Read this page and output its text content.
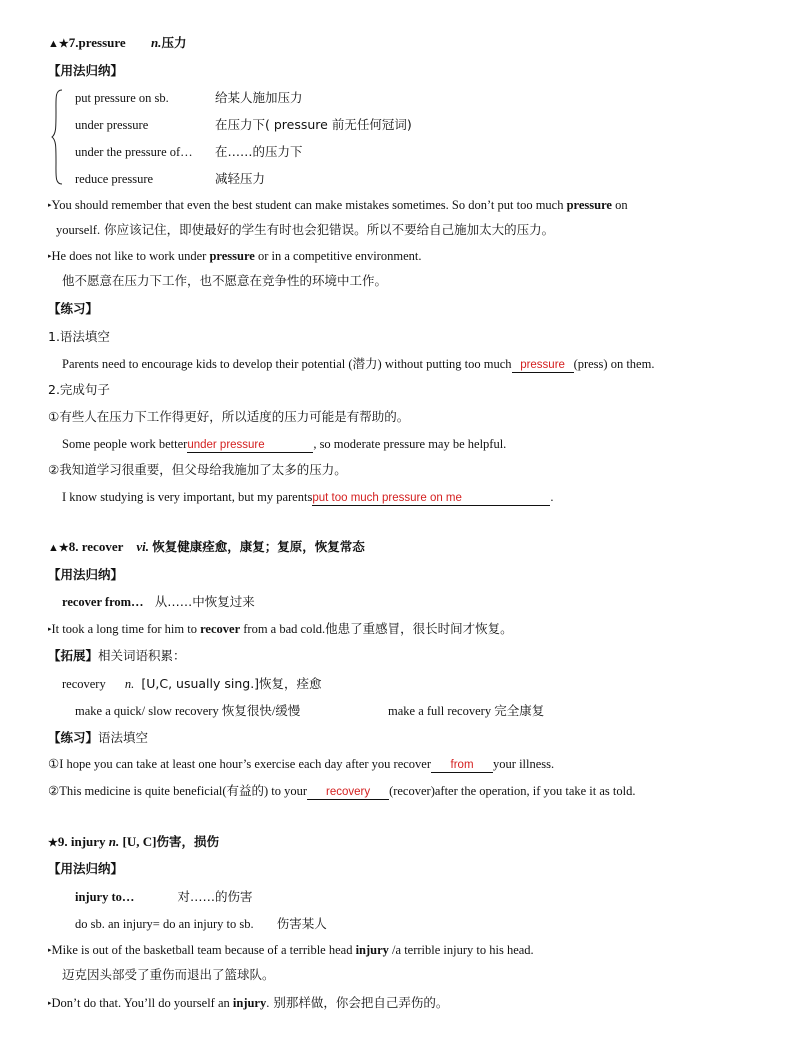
▲★7.pressure n.压力
【用法归纳】
put pressure on sb.	给某人施加压力
under pressure	在压力下( pressure 前无任何冠词)
under the pressure of… 在……的压力下
reduce pressure	减轻压力
▸You should remember that even the best student can make mistakes sometimes. So don’t put too much pressure on
yourself. 你应该记住，即使最好的学生有时也会犯错误。所以不要给自己施加太大的压力。
▸He does not like to work under pressure or in a competitive environment.
他不愿意在压力下工作，也不愿意在竞争性的环境中工作。
【练习】
1.语法填空
Parents need to encourage kids to develop their potential (潜力) without putting too much pressure (press) on them.
2.完成句子
①有些人在压力下工作得更好，所以适度的压力可能是有帮助的。
Some people work betterunder pressure	, so moderate pressure may be helpful.
②我知道学习很重要，但父母给我施加了太多的压力。
I know studying is very important, but my parentsput too much pressure on me	.
▲★8. recover vi. 恢复健康痊愈，康复；复原，恢复常态
【用法归纳】
recover from… 从……中恢复过来
▸It took a long time for him to recover from a bad cold.他患了重感冒，很长时间才恢复。
【拓展】相关词语积累：
recovery n. [U,C, usually sing.]恢复，痊愈
make a quick/ slow recovery 恢复很快/缓慢	make a full recovery 完全康复
【练习】语法填空
①I hope you can take at least one hour’s exercise each day after you recover from your illness.
②This medicine is quite beneficial(有益的) to your recovery (recover)after the operation, if you take it as told.
★9. injury n. [U, C]伤害，损伤
【用法归纳】
injury to…	对……的伤害
do sb. an injury= do an injury to sb. 伤害某人
▸Mike is out of the basketball team because of a terrible head injury /a terrible injury to his head.
迈克因头部受了重伤而退出了篮球队。
▸Don’t do that. You’ll do yourself an injury. 别那样做，你会把自己弄伤的。
